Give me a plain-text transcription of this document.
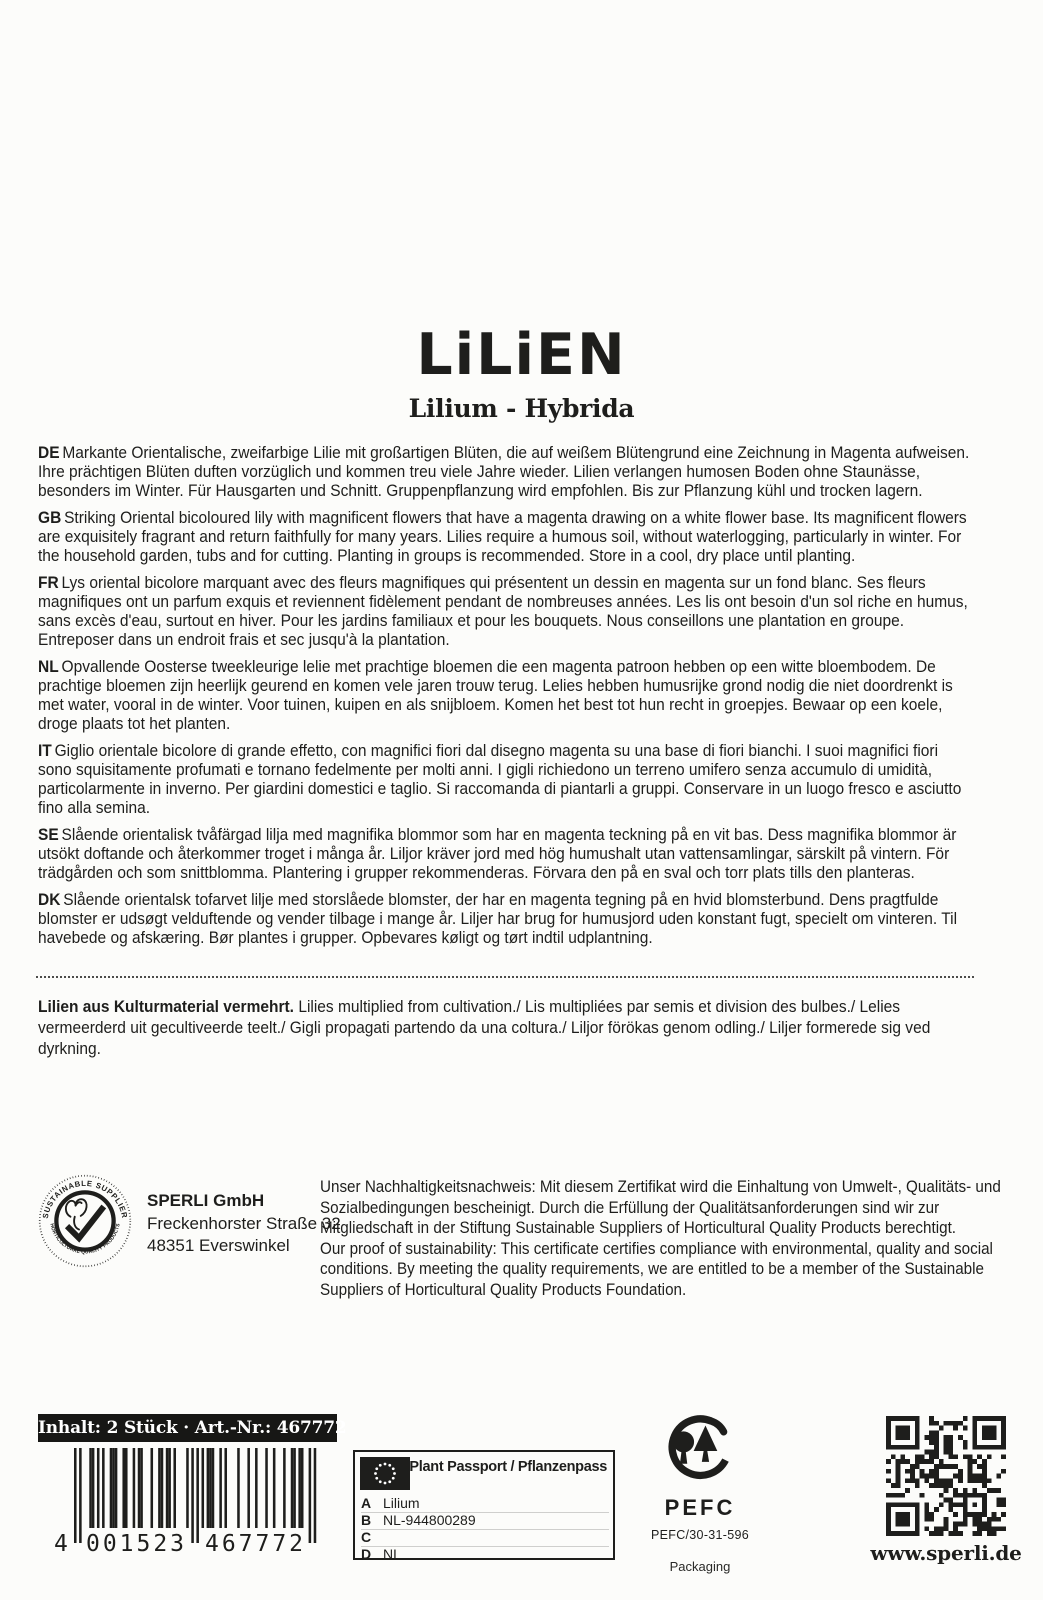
LiLiEN
Lilium - Hybrida

DE Markante Orientalische, zweifarbige Lilie mit großartigen Blüten, die auf weißem Blütengrund eine Zeichnung in Magenta aufweisen. Ihre prächtigen Blüten duften vorzüglich und kommen treu viele Jahre wieder. Lilien verlangen humosen Boden ohne Staunässe, besonders im Winter. Für Hausgarten und Schnitt. Gruppenpflanzung wird empfohlen. Bis zur Pflanzung kühl und trocken lagern.

GB Striking Oriental bicoloured lily with magnificent flowers that have a magenta drawing on a white flower base. Its magnificent flowers are exquisitely fragrant and return faithfully for many years. Lilies require a humous soil, without waterlogging, particularly in winter. For the household garden, tubs and for cutting. Planting in groups is recommended. Store in a cool, dry place until planting.

FR Lys oriental bicolore marquant avec des fleurs magnifiques qui présentent un dessin en magenta sur un fond blanc. Ses fleurs magnifiques ont un parfum exquis et reviennent fidèlement pendant de nombreuses années. Les lis ont besoin d'un sol riche en humus, sans excès d'eau, surtout en hiver. Pour les jardins familiaux et pour les bouquets. Nous conseillons une plantation en groupe. Entreposer dans un endroit frais et sec jusqu'à la plantation.

NL Opvallende Oosterse tweekleurige lelie met prachtige bloemen die een magenta patroon hebben op een witte bloembodem. De prachtige bloemen zijn heerlijk geurend en komen vele jaren trouw terug. Lelies hebben humusrijke grond nodig die niet doordrenkt is met water, vooral in de winter. Voor tuinen, kuipen en als snijbloem. Komen het best tot hun recht in groepjes. Bewaar op een koele, droge plaats tot het planten.

IT Giglio orientale bicolore di grande effetto, con magnifici fiori dal disegno magenta su una base di fiori bianchi. I suoi magnifici fiori sono squisitamente profumati e tornano fedelmente per molti anni. I gigli richiedono un terreno umifero senza accumulo di umidità, particolarmente in inverno. Per giardini domestici e taglio. Si raccomanda di piantarli a gruppi. Conservare in un luogo fresco e asciutto fino alla semina.

SE Slående orientalisk tvåfärgad lilja med magnifika blommor som har en magenta teckning på en vit bas. Dess magnifika blommor är utsökt doftande och återkommer troget i många år. Liljor kräver jord med hög humushalt utan vattensamlingar, särskilt på vintern. För trädgården och som snittblomma. Plantering i grupper rekommenderas. Förvara den på en sval och torr plats tills den planteras.

DK Slående orientalsk tofarvet lilje med storslåede blomster, der har en magenta tegning på en hvid blomsterbund. Dens pragtfulde blomster er udsøgt velduftende og vender tilbage i mange år. Liljer har brug for humusjord uden konstant fugt, specielt om vinteren. Til havebede og afskæring. Bør plantes i grupper. Opbevares køligt og tørt indtil udplantning.

Lilien aus Kulturmaterial vermehrt. Lilies multiplied from cultivation./ Lis multipliées par semis et division des bulbes./ Lelies vermeerderd uit gecultiveerde teelt./ Gigli propagati partendo da una coltura./ Liljor förökas genom odling./ Liljer formerede sig ved dyrkning.

SUSTAINABLE SUPPLIER
HORTICULTURAL QUALITY PRODUCTS
SPERLI GmbH
Freckenhorster Straße 32
48351 Everswinkel

Unser Nachhaltigkeitsnachweis: Mit diesem Zertifikat wird die Einhaltung von Umwelt-, Qualitäts- und Sozialbedingungen bescheinigt. Durch die Erfüllung der Qualitätsanforderungen sind wir zur Mitgliedschaft in der Stiftung Sustainable Suppliers of Horticultural Quality Products berechtigt.

Our proof of sustainability: This certificate certifies compliance with environmental, quality and social conditions. By meeting the quality requirements, we are entitled to be a member of the Sustainable Suppliers of Horticultural Quality Products Foundation.

Inhalt: 2 Stück · Art.-Nr.: 467772
4 001523 467772
Plant Passport / Pflanzenpass
A Lilium
B NL-944800289
C
D NL
PEFC
PEFC/30-31-596
Packaging
www.sperli.de
